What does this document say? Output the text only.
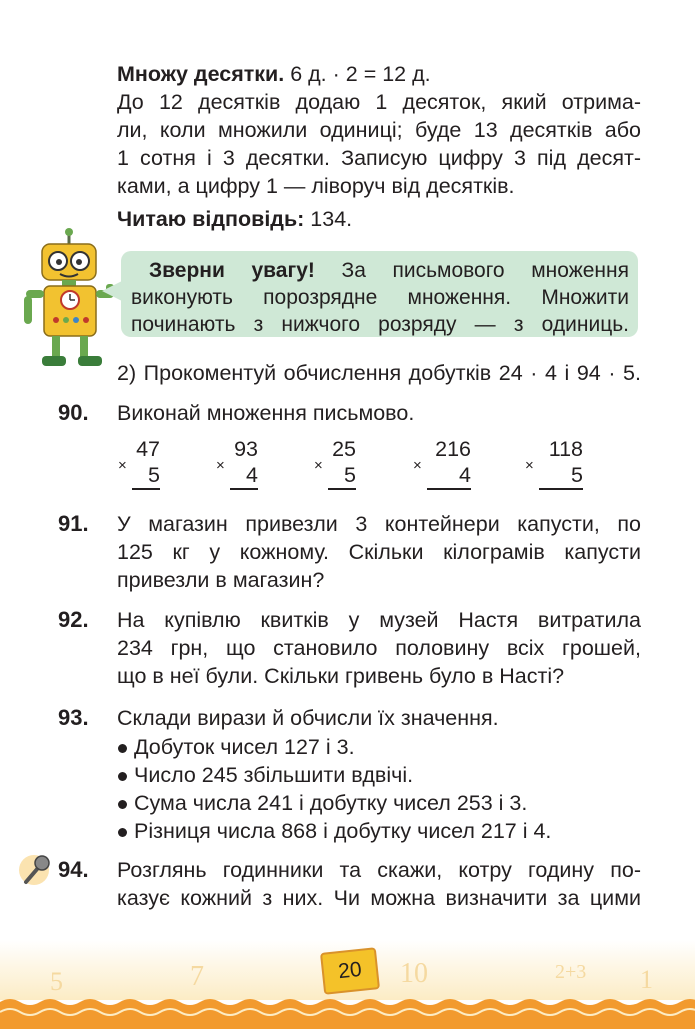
Множу десятки. 6 д. · 2 = 12 д.
До 12 десятків додаю 1 десяток, який отрима-
ли, коли множили одиниці; буде 13 десятків або
1 сотня і 3 десятки. Записую цифру 3 під десят-
ками, а цифру 1 — ліворуч від десятків.
Читаю відповідь: 134.
Зверни увагу! За письмового множення
виконують порозрядне множення. Множити
починають з нижчого розряду — з одиниць.
2) Прокоментуй обчислення добутків 24 · 4 і 94 · 5.
90. Виконай множення письмово.
×
47
5	×
93
4	×
25
5	×
216
4	×
118
5
91. У магазин привезли 3 контейнери капусти, по
125 кг у кожному. Скільки кілограмів капусти
привезли в магазин?
92. На купівлю квитків у музей Настя витратила
234 грн, що становило половину всіх грошей,
що в неї були. Скільки гривень було в Насті?
93. Склади вирази й обчисли їх значення.
Добуток чисел 127 і 3.
Число 245 збільшити вдвічі.
Сума числа 241 і добутку чисел 253 і 3.
Різниця числа 868 і добутку чисел 217 і 4.
94. Розглянь годинники та скажи, котру годину по-
казує кожний з них. Чи можна визначити за цими
5	7	10	2+3 1
20
